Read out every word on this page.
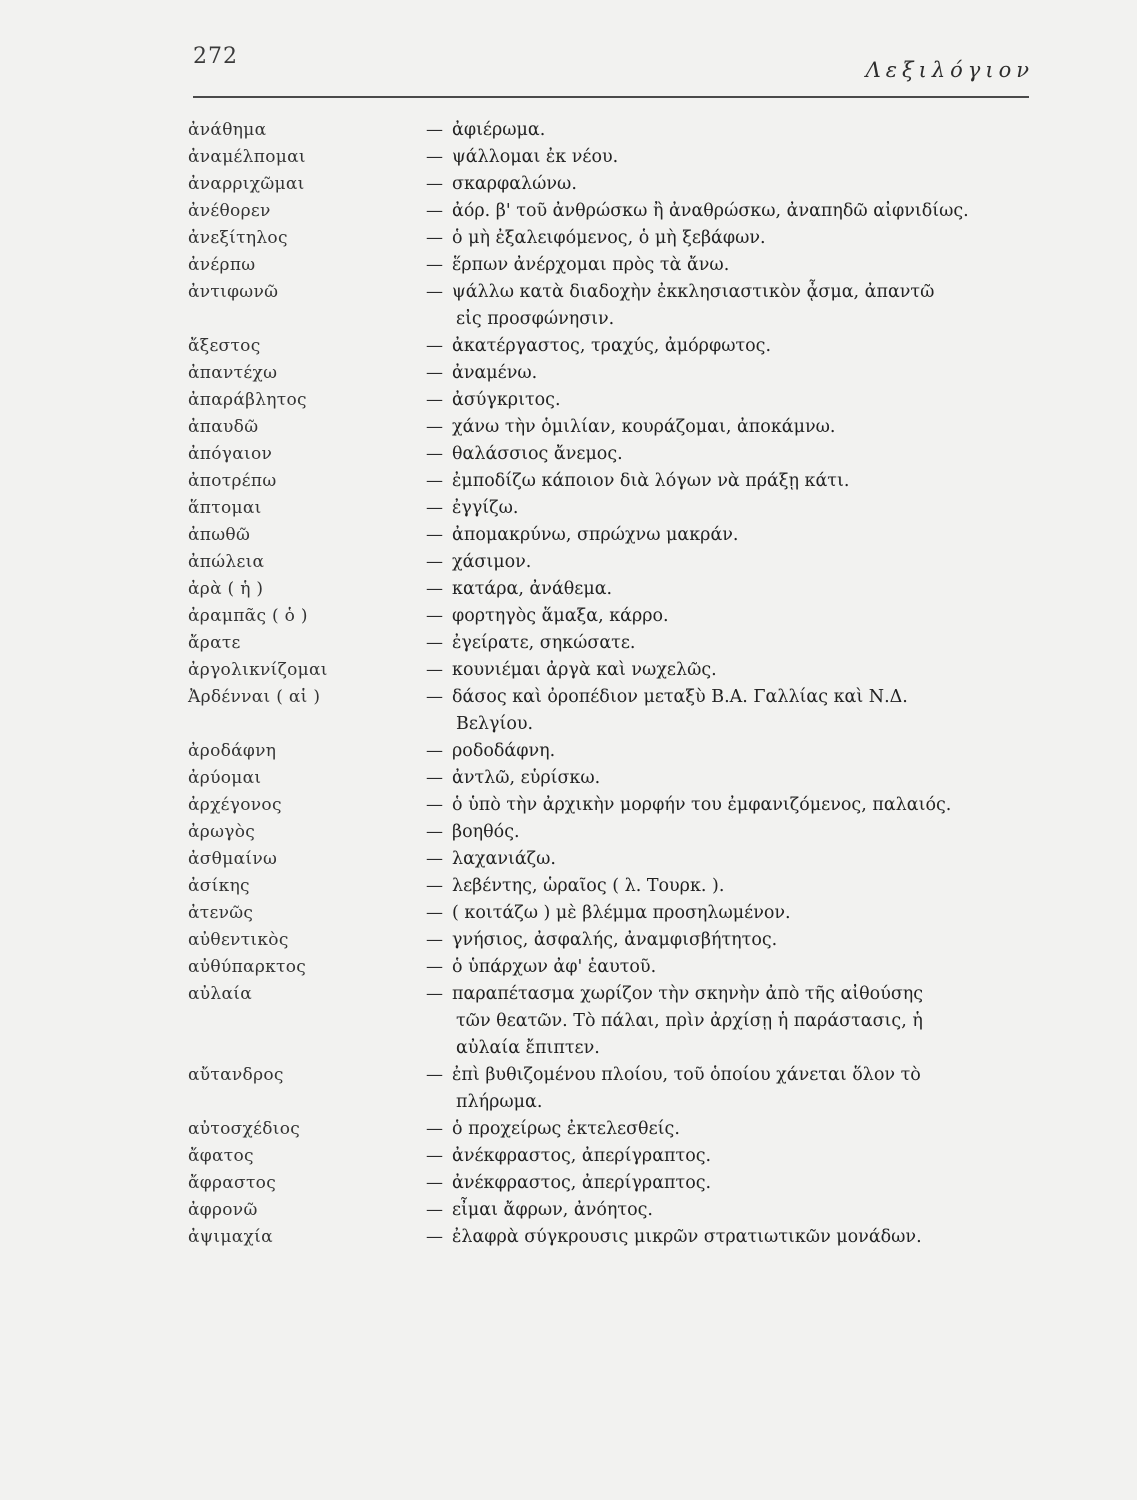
272
Λεξιλόγιον
ἀνάθημα	— ἀφιέρωμα.
ἀναμέλπομαι	— ψάλλομαι ἐκ νέου.
ἀναρριχῶμαι	— σκαρφαλώνω.
ἀνέθορεν	— ἀόρ. β' τοῦ ἀνθρώσκω ἢ ἀναθρώσκω, ἀναπηδῶ αἰφνιδίως.
ἀνεξίτηλος	— ὁ μὴ ἐξαλειφόμενος, ὁ μὴ ξεβάφων.
ἀνέρπω	— ἕρπων ἀνέρχομαι πρὸς τὰ ἄνω.
ἀντιφωνῶ	— ψάλλω κατὰ διαδοχὴν ἐκκλησιαστικὸν ᾆσμα, ἀπαντῶ
εἰς προσφώνησιν.
ἄξεστος	— ἀκατέργαστος, τραχύς, ἀμόρφωτος.
ἀπαντέχω	— ἀναμένω.
ἀπαράβλητος	— ἀσύγκριτος.
ἀπαυδῶ	— χάνω τὴν ὁμιλίαν, κουράζομαι, ἀποκάμνω.
ἀπόγαιον	— θαλάσσιος ἄνεμος.
ἀποτρέπω	— ἐμποδίζω κάποιον διὰ λόγων νὰ πράξῃ κάτι.
ἅπτομαι	— ἐγγίζω.
ἀπωθῶ	— ἀπομακρύνω, σπρώχνω μακράν.
ἀπώλεια	— χάσιμον.
ἀρὰ ( ἡ )	— κατάρα, ἀνάθεμα.
ἀραμπᾶς ( ὁ )	— φορτηγὸς ἅμαξα, κάρρο.
ἄρατε	— ἐγείρατε, σηκώσατε.
ἀργολικνίζομαι	— κουνιέμαι ἀργὰ καὶ νωχελῶς.
Ἀρδένναι ( αἱ )	— δάσος καὶ ὀροπέδιον μεταξὺ Β.Α. Γαλλίας καὶ Ν.Δ.
Βελγίου.
ἀροδάφνη	— ροδοδάφνη.
ἀρύομαι	— ἀντλῶ, εὑρίσκω.
ἀρχέγονος	— ὁ ὑπὸ τὴν ἀρχικὴν μορφήν του ἐμφανιζόμενος, παλαιός.
ἀρωγὸς	— βοηθός.
ἀσθμαίνω	— λαχανιάζω.
ἀσίκης	— λεβέντης, ὡραῖος ( λ. Τουρκ. ).
ἀτενῶς	— ( κοιτάζω ) μὲ βλέμμα προσηλωμένον.
αὐθεντικὸς	— γνήσιος, ἀσφαλής, ἀναμφισβήτητος.
αὐθύπαρκτος	— ὁ ὑπάρχων ἀφ' ἑαυτοῦ.
αὐλαία	— παραπέτασμα χωρίζον τὴν σκηνὴν ἀπὸ τῆς αἰθούσης
τῶν θεατῶν. Τὸ πάλαι, πρὶν ἀρχίσῃ ἡ παράστασις, ἡ
αὐλαία ἔπιπτεν.
αὔτανδρος	— ἐπὶ βυθιζομένου πλοίου, τοῦ ὁποίου χάνεται ὅλον τὸ
πλήρωμα.
αὐτοσχέδιος	— ὁ προχείρως ἐκτελεσθείς.
ἄφατος	— ἀνέκφραστος, ἀπερίγραπτος.
ἄφραστος	— ἀνέκφραστος, ἀπερίγραπτος.
ἀφρονῶ	— εἶμαι ἄφρων, ἀνόητος.
ἀψιμαχία	— ἐλαφρὰ σύγκρουσις μικρῶν στρατιωτικῶν μονάδων.
